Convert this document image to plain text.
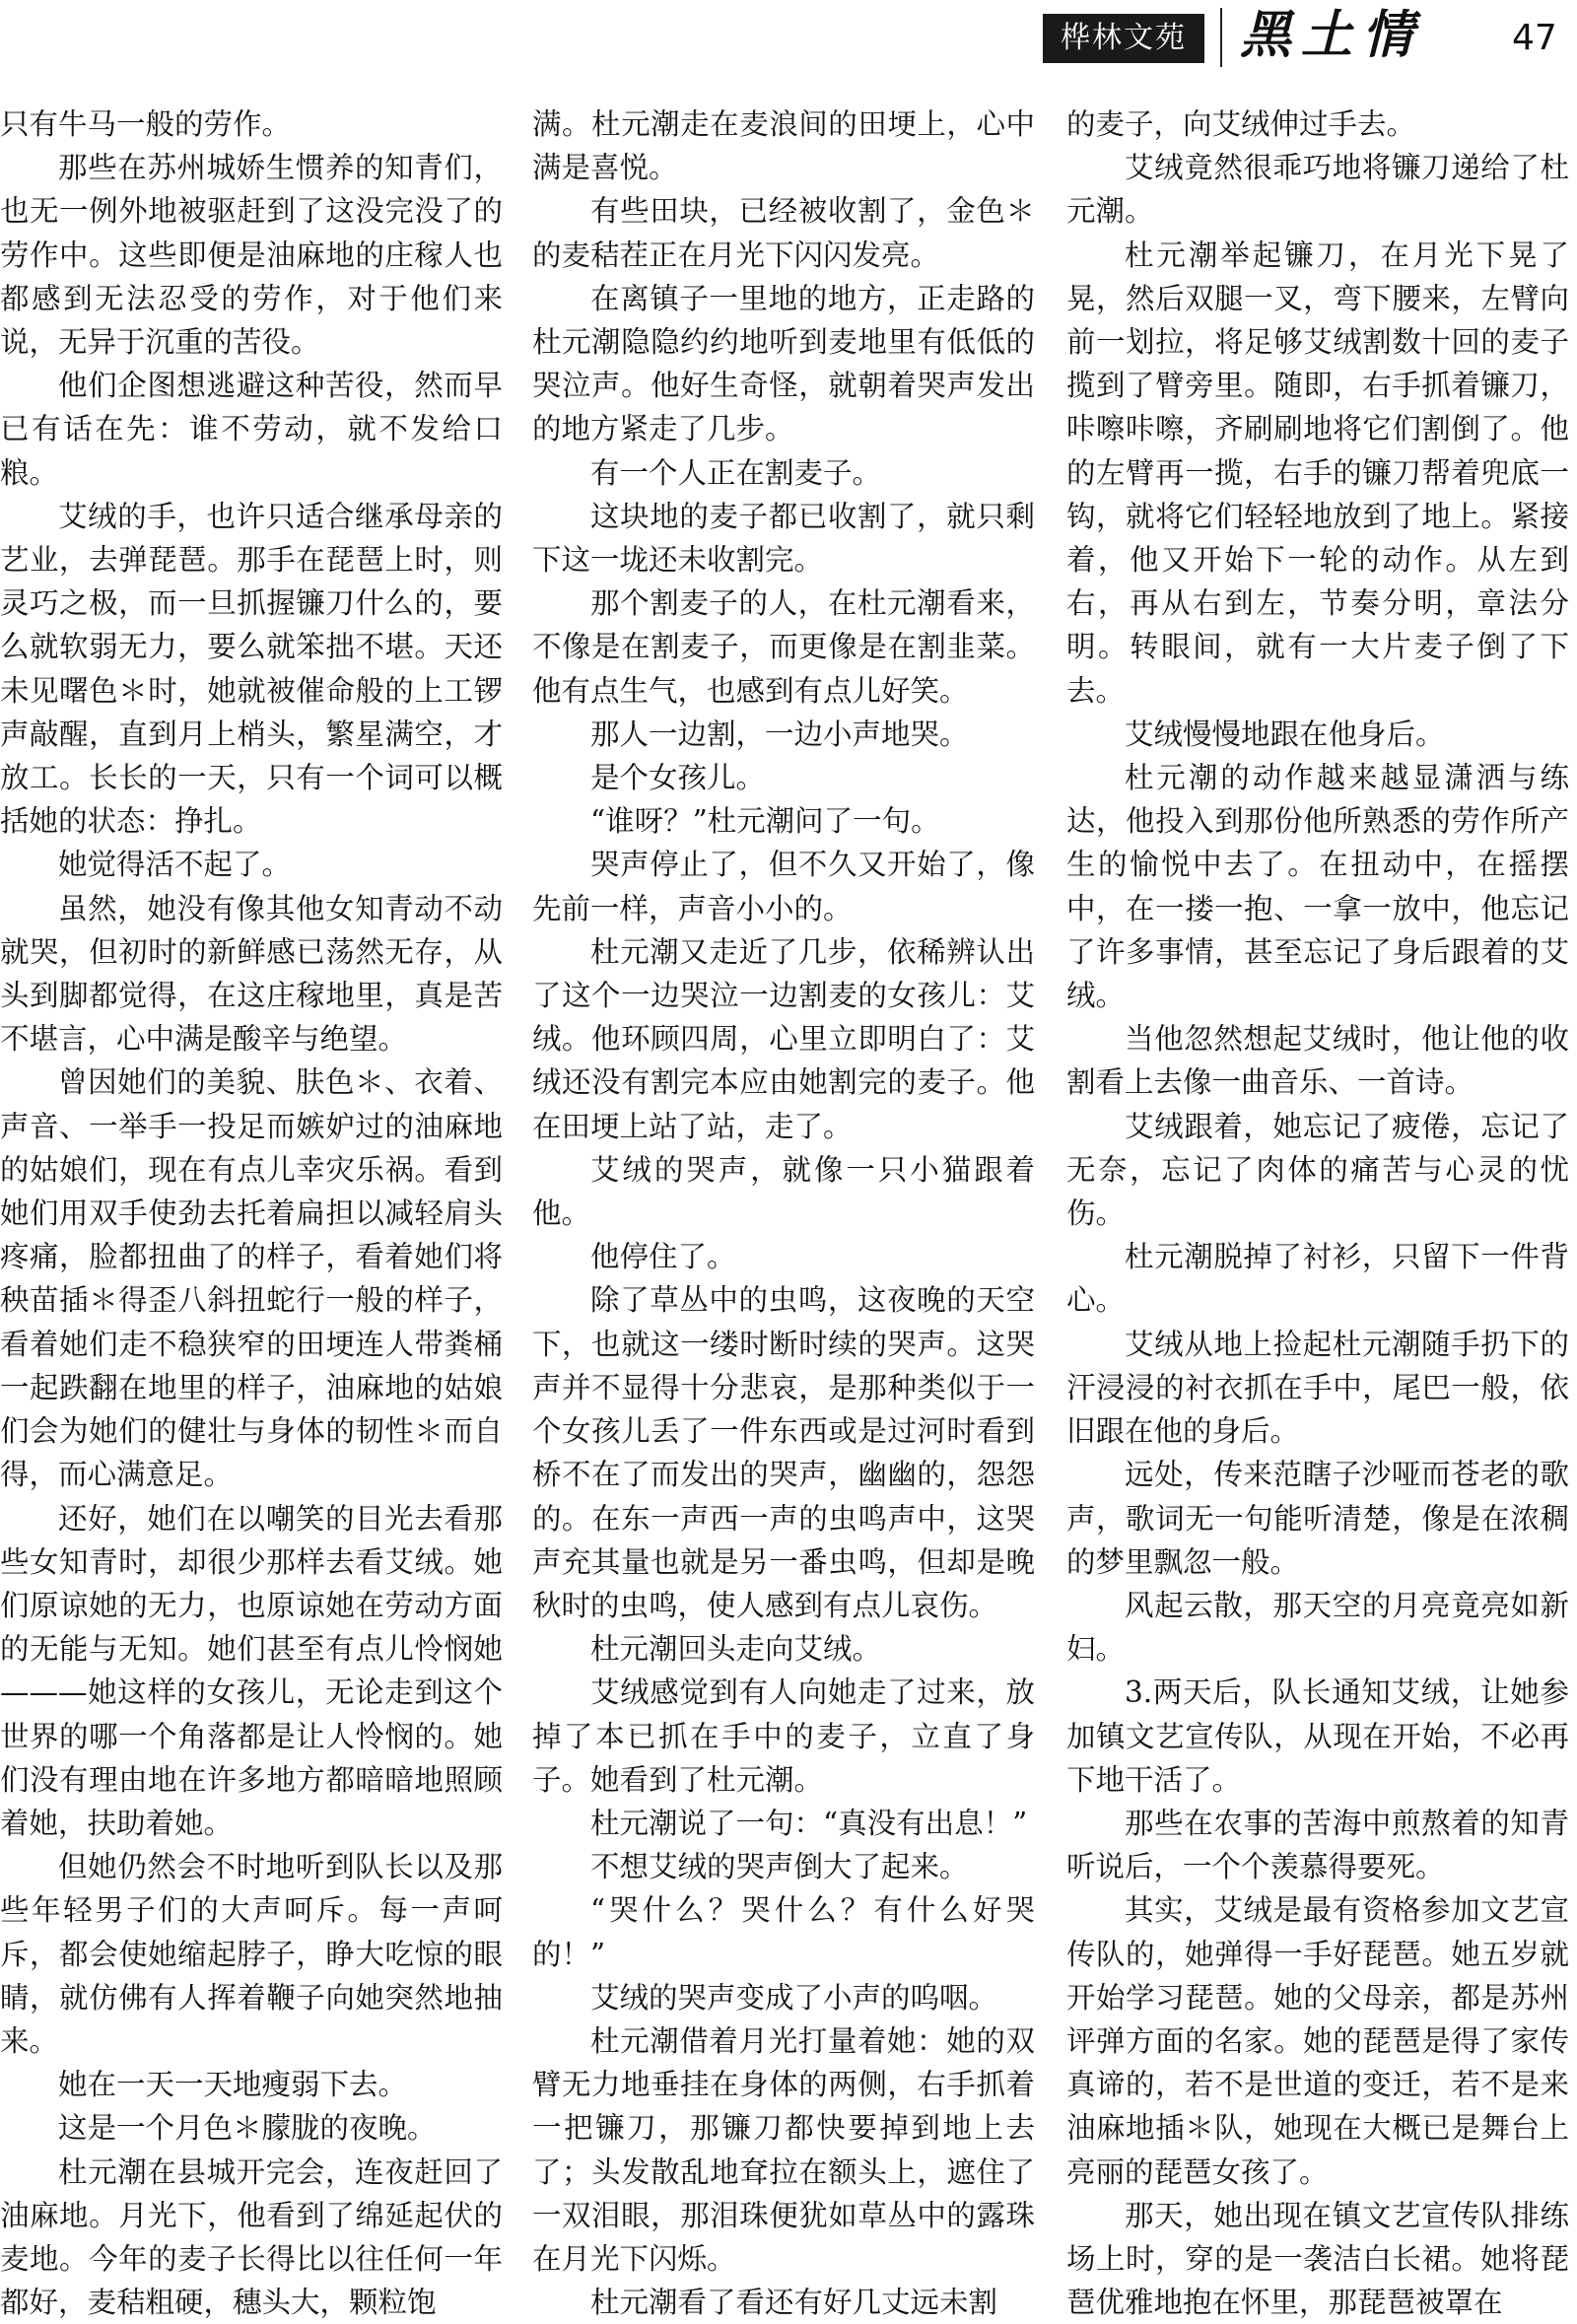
桦林文苑	黑土情 47

只有牛马一般的劳作。

那些在苏州城娇生惯养的知青们，也无一例外地被驱赶到了这没完没了的劳作中。这些即便是油麻地的庄稼人也都感到无法忍受的劳作，对于他们来说，无异于沉重的苦役。

他们企图想逃避这种苦役，然而早已有话在先：谁不劳动，就不发给口粮。

艾绒的手，也许只适合继承母亲的艺业，去弹琵琶。那手在琵琶上时，则灵巧之极，而一旦抓握镰刀什么的，要么就软弱无力，要么就笨拙不堪。天还未见曙色＊时，她就被催命般的上工锣声敲醒，直到月上梢头，繁星满空，才放工。长长的一天，只有一个词可以概括她的状态：挣扎。

她觉得活不起了。

虽然，她没有像其他女知青动不动就哭，但初时的新鲜感已荡然无存，从头到脚都觉得，在这庄稼地里，真是苦不堪言，心中满是酸辛与绝望。

曾因她们的美貌、肤色＊、衣着、声音、一举手一投足而嫉妒过的油麻地的姑娘们，现在有点儿幸灾乐祸。看到她们用双手使劲去托着扁担以减轻肩头疼痛，脸都扭曲了的样子，看着她们将秧苗插＊得歪八斜扭蛇行一般的样子，看着她们走不稳狭窄的田埂连人带粪桶一起跌翻在地里的样子，油麻地的姑娘们会为她们的健壮与身体的韧性＊而自得，而心满意足。

还好，她们在以嘲笑的目光去看那些女知青时，却很少那样去看艾绒。她们原谅她的无力，也原谅她在劳动方面的无能与无知。她们甚至有点儿怜悯她———她这样的女孩儿，无论走到这个世界的哪一个角落都是让人怜悯的。她们没有理由地在许多地方都暗暗地照顾着她，扶助着她。

但她仍然会不时地听到队长以及那些年轻男子们的大声呵斥。每一声呵斥，都会使她缩起脖子，睁大吃惊的眼睛，就仿佛有人挥着鞭子向她突然地抽来。

她在一天一天地瘦弱下去。

这是一个月色＊朦胧的夜晚。

杜元潮在县城开完会，连夜赶回了油麻地。月光下，他看到了绵延起伏的麦地。今年的麦子长得比以往任何一年都好，麦秸粗硬，穗头大，颗粒饱

满。杜元潮走在麦浪间的田埂上，心中满是喜悦。

有些田块，已经被收割了，金色＊的麦秸茬正在月光下闪闪发亮。

在离镇子一里地的地方，正走路的杜元潮隐隐约约地听到麦地里有低低的哭泣声。他好生奇怪，就朝着哭声发出的地方紧走了几步。

有一个人正在割麦子。

这块地的麦子都已收割了，就只剩下这一垅还未收割完。

那个割麦子的人，在杜元潮看来，不像是在割麦子，而更像是在割韭菜。他有点生气，也感到有点儿好笑。

那人一边割，一边小声地哭。

是个女孩儿。

“谁呀？”杜元潮问了一句。

哭声停止了，但不久又开始了，像先前一样，声音小小的。

杜元潮又走近了几步，依稀辨认出了这个一边哭泣一边割麦的女孩儿：艾绒。他环顾四周，心里立即明白了：艾绒还没有割完本应由她割完的麦子。他在田埂上站了站，走了。

艾绒的哭声，就像一只小猫跟着他。

他停住了。

除了草丛中的虫鸣，这夜晚的天空下，也就这一缕时断时续的哭声。这哭声并不显得十分悲哀，是那种类似于一个女孩儿丢了一件东西或是过河时看到桥不在了而发出的哭声，幽幽的，怨怨的。在东一声西一声的虫鸣声中，这哭声充其量也就是另一番虫鸣，但却是晚秋时的虫鸣，使人感到有点儿哀伤。

杜元潮回头走向艾绒。

艾绒感觉到有人向她走了过来，放掉了本已抓在手中的麦子，立直了身子。她看到了杜元潮。

杜元潮说了一句：“真没有出息！”

不想艾绒的哭声倒大了起来。

“哭什么？哭什么？有什么好哭的！”

艾绒的哭声变成了小声的呜咽。

杜元潮借着月光打量着她：她的双臂无力地垂挂在身体的两侧，右手抓着一把镰刀，那镰刀都快要掉到地上去了；头发散乱地耷拉在额头上，遮住了一双泪眼，那泪珠便犹如草丛中的露珠在月光下闪烁。

杜元潮看了看还有好几丈远未割

的麦子，向艾绒伸过手去。

艾绒竟然很乖巧地将镰刀递给了杜元潮。

杜元潮举起镰刀，在月光下晃了晃，然后双腿一叉，弯下腰来，左臂向前一划拉，将足够艾绒割数十回的麦子揽到了臂旁里。随即，右手抓着镰刀，咔嚓咔嚓，齐刷刷地将它们割倒了。他的左臂再一揽，右手的镰刀帮着兜底一钩，就将它们轻轻地放到了地上。紧接着，他又开始下一轮的动作。从左到右，再从右到左，节奏分明，章法分明。转眼间，就有一大片麦子倒了下去。

艾绒慢慢地跟在他身后。

杜元潮的动作越来越显潇洒与练达，他投入到那份他所熟悉的劳作所产生的愉悦中去了。在扭动中，在摇摆中，在一搂一抱、一拿一放中，他忘记了许多事情，甚至忘记了身后跟着的艾绒。

当他忽然想起艾绒时，他让他的收割看上去像一曲音乐、一首诗。

艾绒跟着，她忘记了疲倦，忘记了无奈，忘记了肉体的痛苦与心灵的忧伤。

杜元潮脱掉了衬衫，只留下一件背心。

艾绒从地上捡起杜元潮随手扔下的汗浸浸的衬衣抓在手中，尾巴一般，依旧跟在他的身后。

远处，传来范瞎子沙哑而苍老的歌声，歌词无一句能听清楚，像是在浓稠的梦里飘忽一般。

风起云散，那天空的月亮竟亮如新妇。

3.两天后，队长通知艾绒，让她参加镇文艺宣传队，从现在开始，不必再下地干活了。

那些在农事的苦海中煎熬着的知青听说后，一个个羡慕得要死。

其实，艾绒是最有资格参加文艺宣传队的，她弹得一手好琵琶。她五岁就开始学习琵琶。她的父母亲，都是苏州评弹方面的名家。她的琵琶是得了家传真谛的，若不是世道的变迁，若不是来油麻地插＊队，她现在大概已是舞台上亮丽的琵琶女孩了。

那天，她出现在镇文艺宣传队排练场上时，穿的是一袭洁白长裙。她将琵琶优雅地抱在怀里，那琵琶被罩在
